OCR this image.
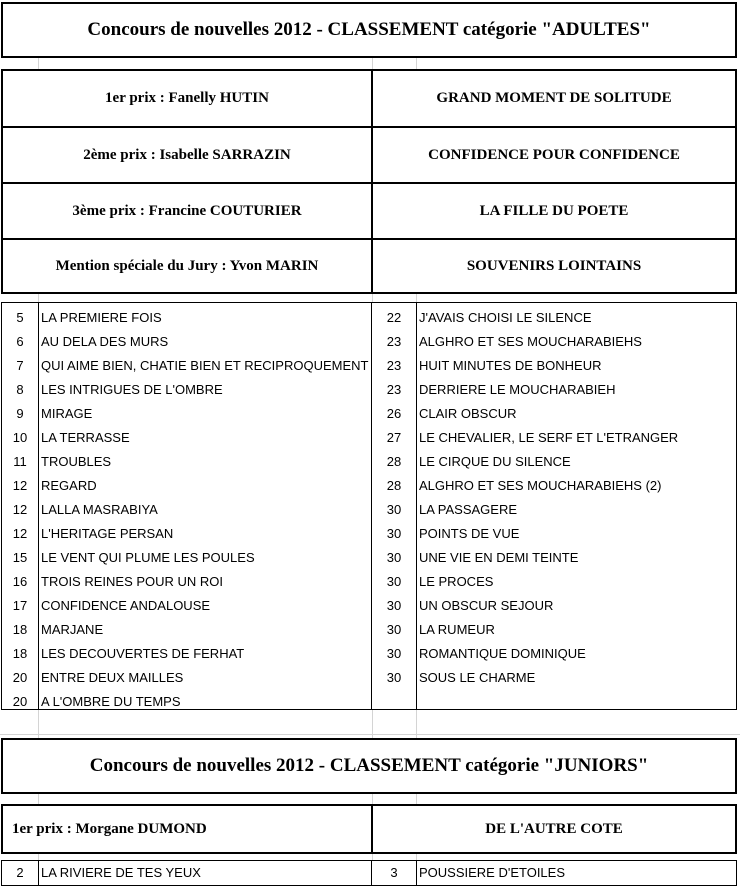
Concours de nouvelles 2012 - CLASSEMENT catégorie "ADULTES"
1er prix : Fanelly HUTIN	GRAND MOMENT DE SOLITUDE
2ème prix : Isabelle SARRAZIN	CONFIDENCE POUR CONFIDENCE
3ème prix : Francine COUTURIER	LA FILLE DU POETE
Mention spéciale du Jury : Yvon MARIN	SOUVENIRS LOINTAINS
5	LA PREMIERE FOIS	22	J'AVAIS CHOISI LE SILENCE
6	AU DELA DES MURS	23	ALGHRO ET SES MOUCHARABIEHS
7	QUI AIME BIEN, CHATIE BIEN ET RECIPROQUEMENT	23	HUIT MINUTES DE BONHEUR
8	LES INTRIGUES DE L'OMBRE	23	DERRIERE LE MOUCHARABIEH
9	MIRAGE	26	CLAIR OBSCUR
10	LA TERRASSE	27	LE CHEVALIER, LE SERF ET L'ETRANGER
11	TROUBLES	28	LE CIRQUE DU SILENCE
12	REGARD	28	ALGHRO ET SES MOUCHARABIEHS (2)
12	LALLA MASRABIYA	30	LA PASSAGERE
12	L'HERITAGE PERSAN	30	POINTS DE VUE
15	LE VENT QUI PLUME LES POULES	30	UNE VIE EN DEMI TEINTE
16	TROIS REINES POUR UN ROI	30	LE PROCES
17	CONFIDENCE ANDALOUSE	30	UN OBSCUR SEJOUR
18	MARJANE	30	LA RUMEUR
18	LES DECOUVERTES DE FERHAT	30	ROMANTIQUE DOMINIQUE
20	ENTRE DEUX MAILLES	30	SOUS LE CHARME
20	A L'OMBRE DU TEMPS
Concours de nouvelles 2012 - CLASSEMENT catégorie "JUNIORS"
1er prix : Morgane DUMOND	DE L'AUTRE COTE
2	LA RIVIERE DE TES YEUX	3	POUSSIERE D'ETOILES
